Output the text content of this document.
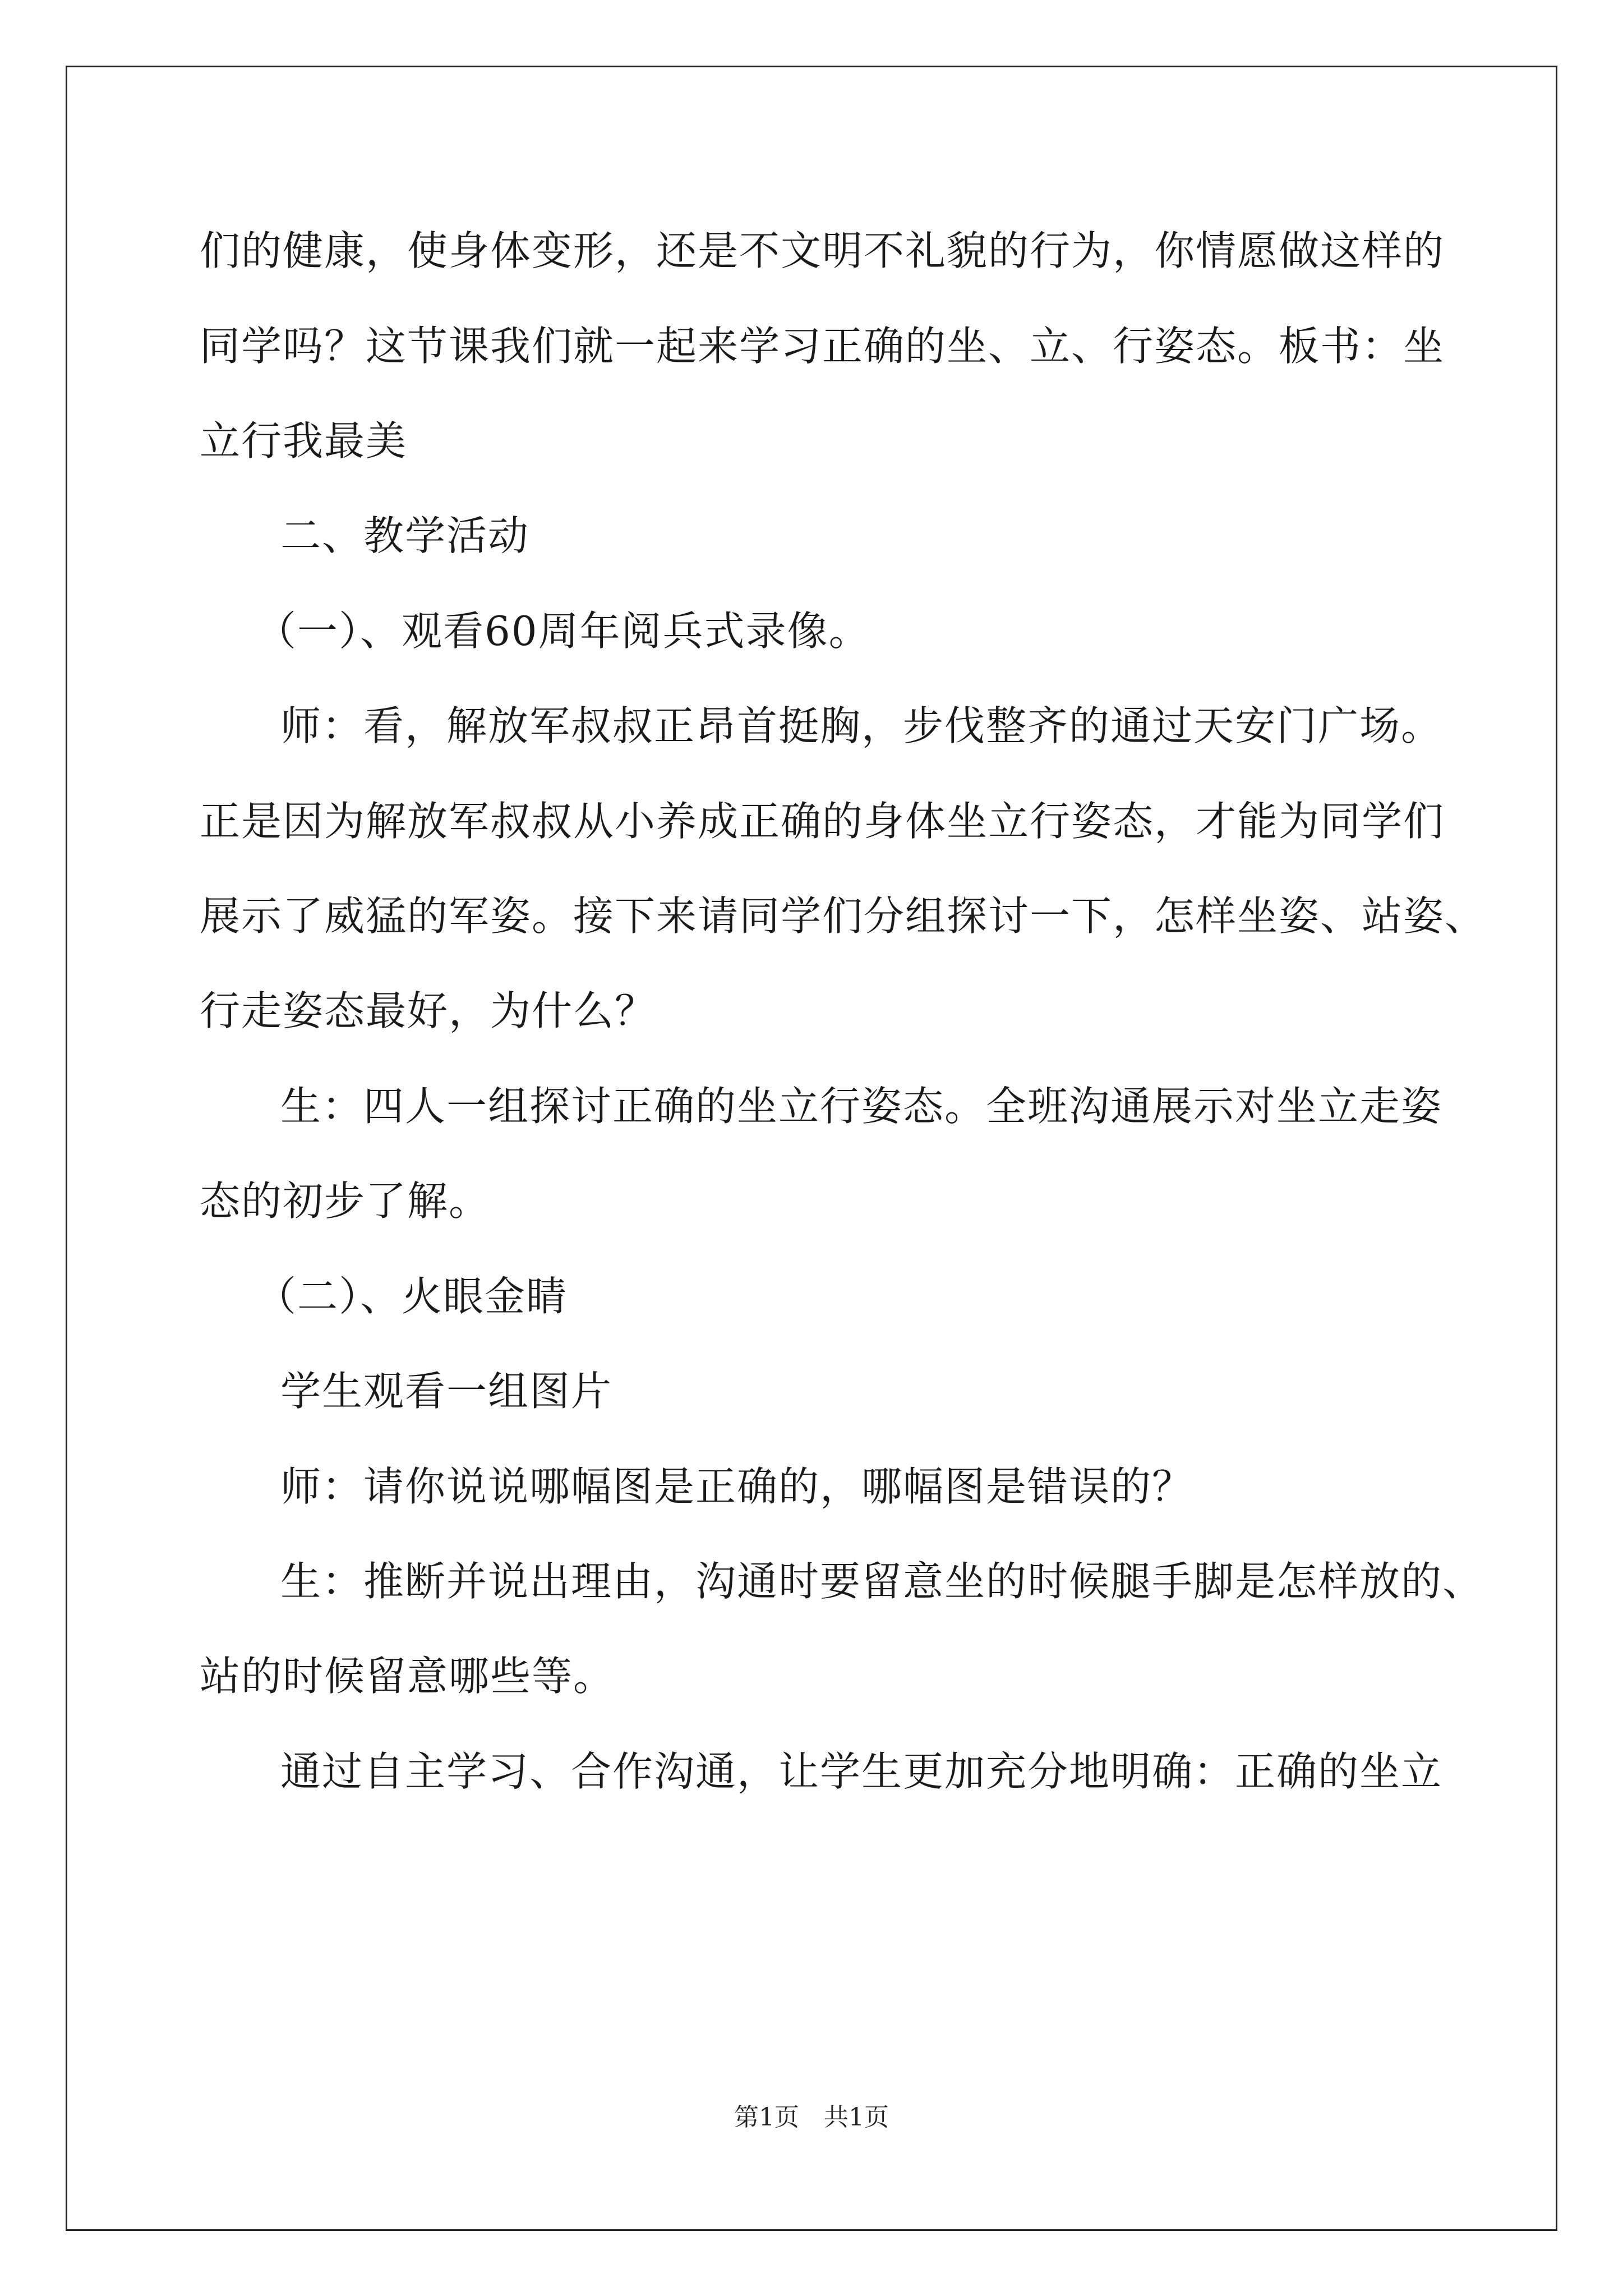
们的健康，使身体变形，还是不文明不礼貌的行为，你情愿做这样的
同学吗？这节课我们就一起来学习正确的坐、立、行姿态。板书：坐
立行我最美
二、教学活动
（一）、观看60周年阅兵式录像。
师：看，解放军叔叔正昂首挺胸，步伐整齐的通过天安门广场。
正是因为解放军叔叔从小养成正确的身体坐立行姿态，才能为同学们
展示了威猛的军姿。接下来请同学们分组探讨一下，怎样坐姿、站姿、
行走姿态最好，为什么？
生：四人一组探讨正确的坐立行姿态。全班沟通展示对坐立走姿
态的初步了解。
（二）、火眼金睛
学生观看一组图片
师：请你说说哪幅图是正确的，哪幅图是错误的？
生：推断并说出理由，沟通时要留意坐的时候腿手脚是怎样放的、
站的时候留意哪些等。
通过自主学习、合作沟通，让学生更加充分地明确：正确的坐立
第1页　共1页
